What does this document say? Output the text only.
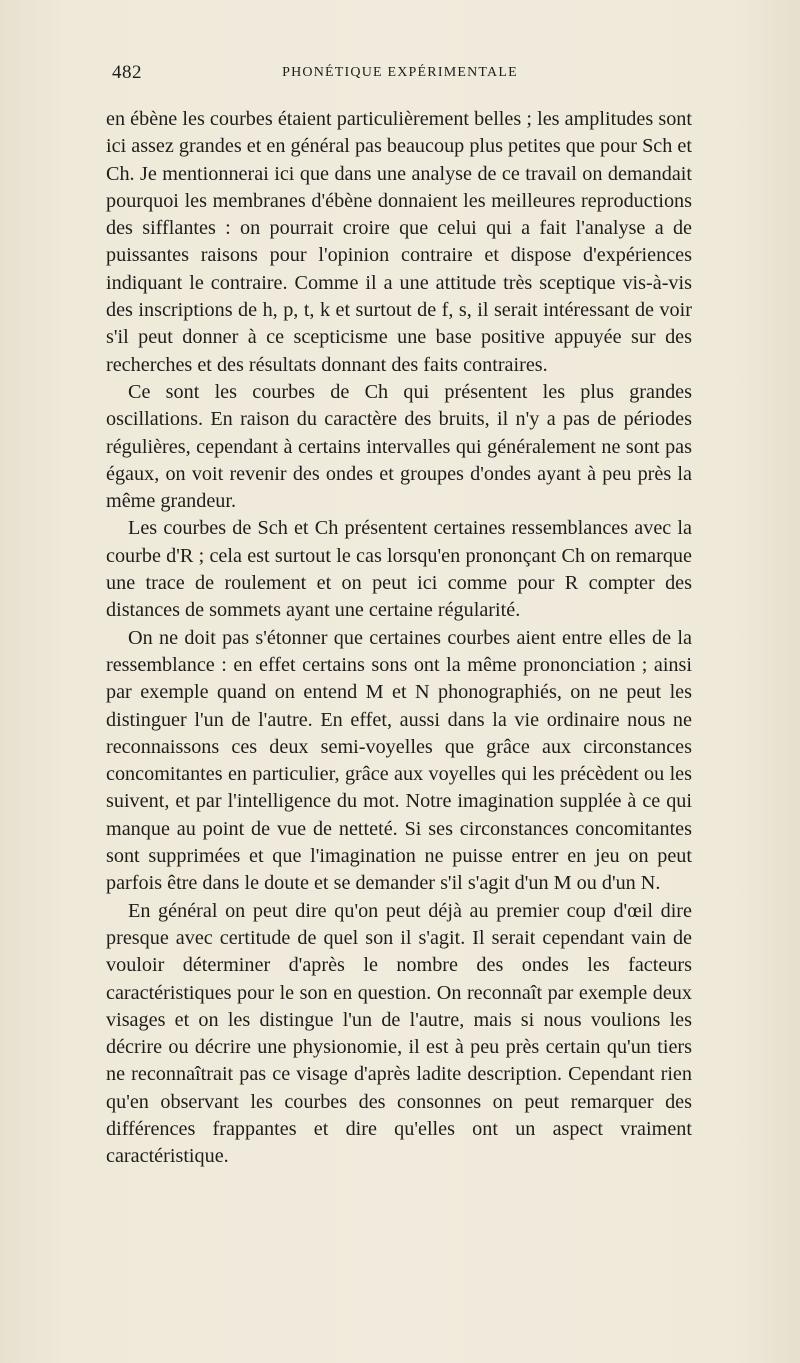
482	PHONÉTIQUE EXPÉRIMENTALE

en ébène les courbes étaient particulièrement belles ; les amplitudes sont ici assez grandes et en général pas beaucoup plus petites que pour Sch et Ch. Je mentionnerai ici que dans une analyse de ce travail on demandait pourquoi les membranes d'ébène donnaient les meilleures reproductions des sifflantes : on pourrait croire que celui qui a fait l'analyse a de puissantes raisons pour l'opinion contraire et dispose d'expériences indiquant le contraire. Comme il a une attitude très sceptique vis-à-vis des inscriptions de h, p, t, k et surtout de f, s, il serait intéressant de voir s'il peut donner à ce scepticisme une base positive appuyée sur des recherches et des résultats donnant des faits contraires.

Ce sont les courbes de Ch qui présentent les plus grandes oscillations. En raison du caractère des bruits, il n'y a pas de périodes régulières, cependant à certains intervalles qui généralement ne sont pas égaux, on voit revenir des ondes et groupes d'ondes ayant à peu près la même grandeur.

Les courbes de Sch et Ch présentent certaines ressemblances avec la courbe d'R ; cela est surtout le cas lorsqu'en prononçant Ch on remarque une trace de roulement et on peut ici comme pour R compter des distances de sommets ayant une certaine régularité.

On ne doit pas s'étonner que certaines courbes aient entre elles de la ressemblance : en effet certains sons ont la même prononciation ; ainsi par exemple quand on entend M et N phonographiés, on ne peut les distinguer l'un de l'autre. En effet, aussi dans la vie ordinaire nous ne reconnaissons ces deux semi-voyelles que grâce aux circonstances concomitantes en particulier, grâce aux voyelles qui les précèdent ou les suivent, et par l'intelligence du mot. Notre imagination supplée à ce qui manque au point de vue de netteté. Si ses circonstances concomitantes sont supprimées et que l'imagination ne puisse entrer en jeu on peut parfois être dans le doute et se demander s'il s'agit d'un M ou d'un N.

En général on peut dire qu'on peut déjà au premier coup d'œil dire presque avec certitude de quel son il s'agit. Il serait cependant vain de vouloir déterminer d'après le nombre des ondes les facteurs caractéristiques pour le son en question. On reconnaît par exemple deux visages et on les distingue l'un de l'autre, mais si nous voulions les décrire ou décrire une physionomie, il est à peu près certain qu'un tiers ne reconnaîtrait pas ce visage d'après ladite description. Cependant rien qu'en observant les courbes des consonnes on peut remarquer des différences frappantes et dire qu'elles ont un aspect vraiment caractéristique.
